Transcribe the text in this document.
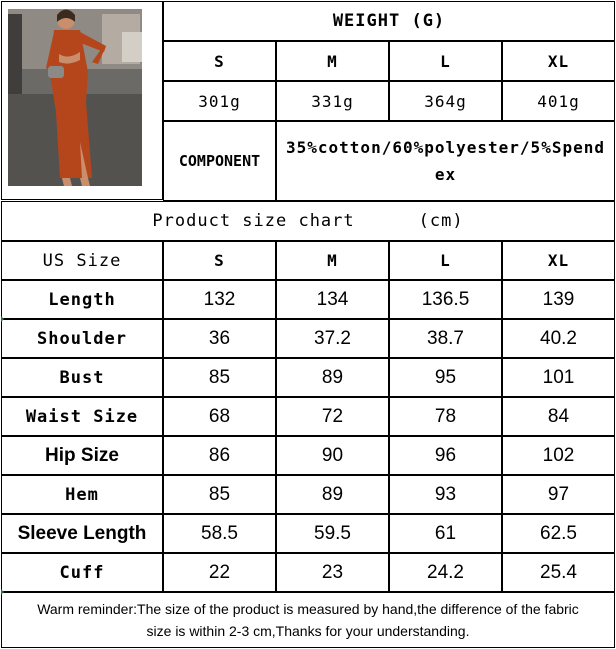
WEIGHT (G)
S	M	L	XL
301g	331g	364g	401g
COMPONENT
35%cotton/60%polyester/5%Spendex
Product size chart	(cm)
US Size	S	M	L	XL
Length	132	134	136.5	139
Shoulder	36	37.2	38.7	40.2
Bust	85	89	95	101
Waist Size	68	72	78	84
Hip Size	86	90	96	102
Hem	85	89	93	97
Sleeve Length	58.5	59.5	61	62.5
Cuff	22	23	24.2	25.4
Warm reminder:The size of the product is measured by hand,the difference of the fabric
size is within 2-3 cm,Thanks for your understanding.
